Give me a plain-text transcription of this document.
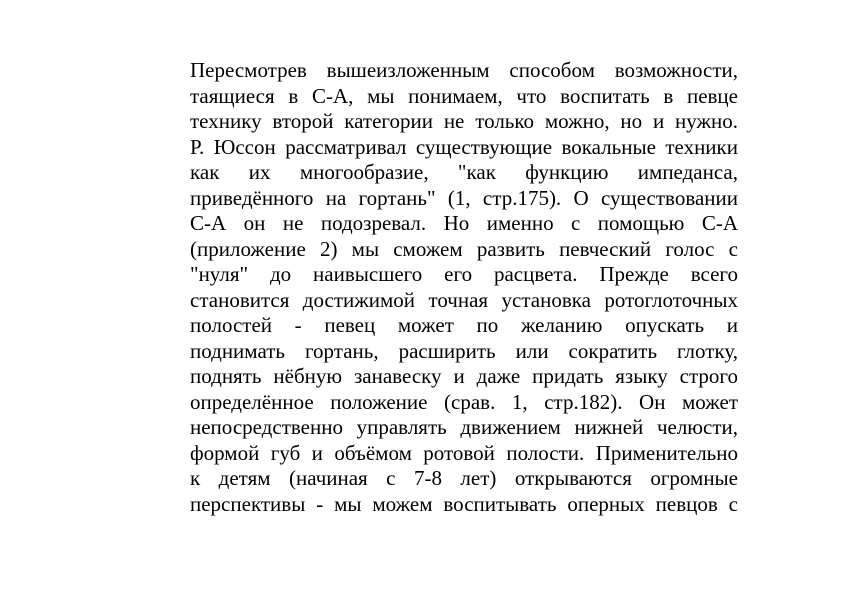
Пересмотрев вышеизложенным способом возможности,
таящиеся в С-А, мы понимаем, что воспитать в певце
технику второй категории не только можно, но и нужно.
Р. Юссон рассматривал существующие вокальные техники
как их многообразие, "как функцию импеданса,
приведённого на гортань" (1, стр.175). О существовании
С-А он не подозревал. Но именно с помощью С-А
(приложение 2) мы сможем развить певческий голос с
"нуля" до наивысшего его расцвета. Прежде всего
становится достижимой точная установка ротоглоточных
полостей - певец может по желанию опускать и
поднимать гортань, расширить или сократить глотку,
поднять нёбную занавеску и даже придать языку строго
определённое положение (срав. 1, стр.182). Он может
непосредственно управлять движением нижней челюсти,
формой губ и объёмом ротовой полости. Применительно
к детям (начиная с 7-8 лет) открываются огромные
перспективы - мы можем воспитывать оперных певцов с
